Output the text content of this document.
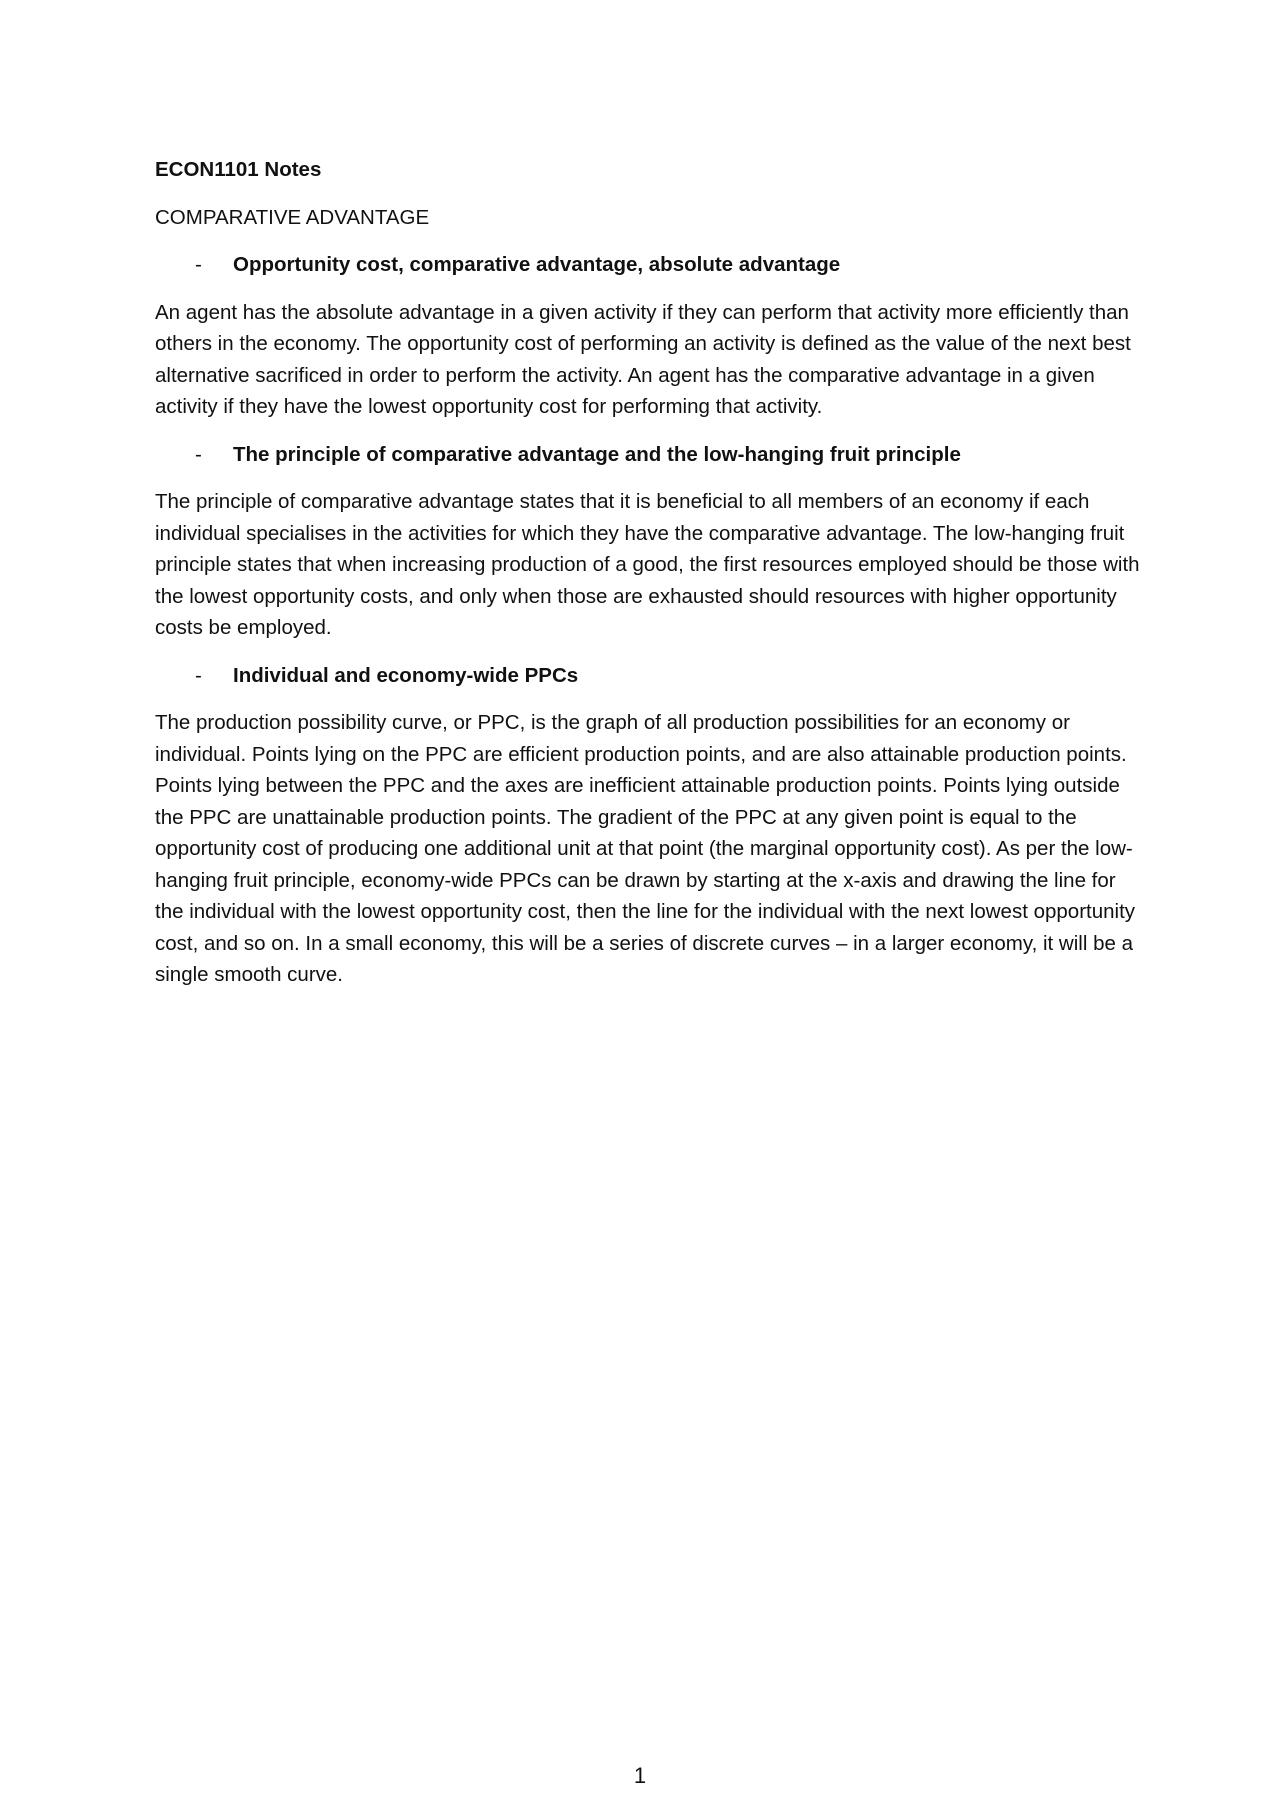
ECON1101 Notes
COMPARATIVE ADVANTAGE
-	Opportunity cost, comparative advantage, absolute advantage

An agent has the absolute advantage in a given activity if they can perform that activity more efficiently than others in the economy. The opportunity cost of performing an activity is defined as the value of the next best alternative sacrificed in order to perform the activity. An agent has the comparative advantage in a given activity if they have the lowest opportunity cost for performing that activity.

-	The principle of comparative advantage and the low-hanging fruit principle

The principle of comparative advantage states that it is beneficial to all members of an economy if each individual specialises in the activities for which they have the comparative advantage. The low-hanging fruit principle states that when increasing production of a good, the first resources employed should be those with the lowest opportunity costs, and only when those are exhausted should resources with higher opportunity costs be employed.

-	Individual and economy-wide PPCs

The production possibility curve, or PPC, is the graph of all production possibilities for an economy or individual. Points lying on the PPC are efficient production points, and are also attainable production points. Points lying between the PPC and the axes are inefficient attainable production points. Points lying outside the PPC are unattainable production points. The gradient of the PPC at any given point is equal to the opportunity cost of producing one additional unit at that point (the marginal opportunity cost). As per the low-hanging fruit principle, economy-wide PPCs can be drawn by starting at the x-axis and drawing the line for the individual with the lowest opportunity cost, then the line for the individual with the next lowest opportunity cost, and so on. In a small economy, this will be a series of discrete curves – in a larger economy, it will be a single smooth curve.

1
